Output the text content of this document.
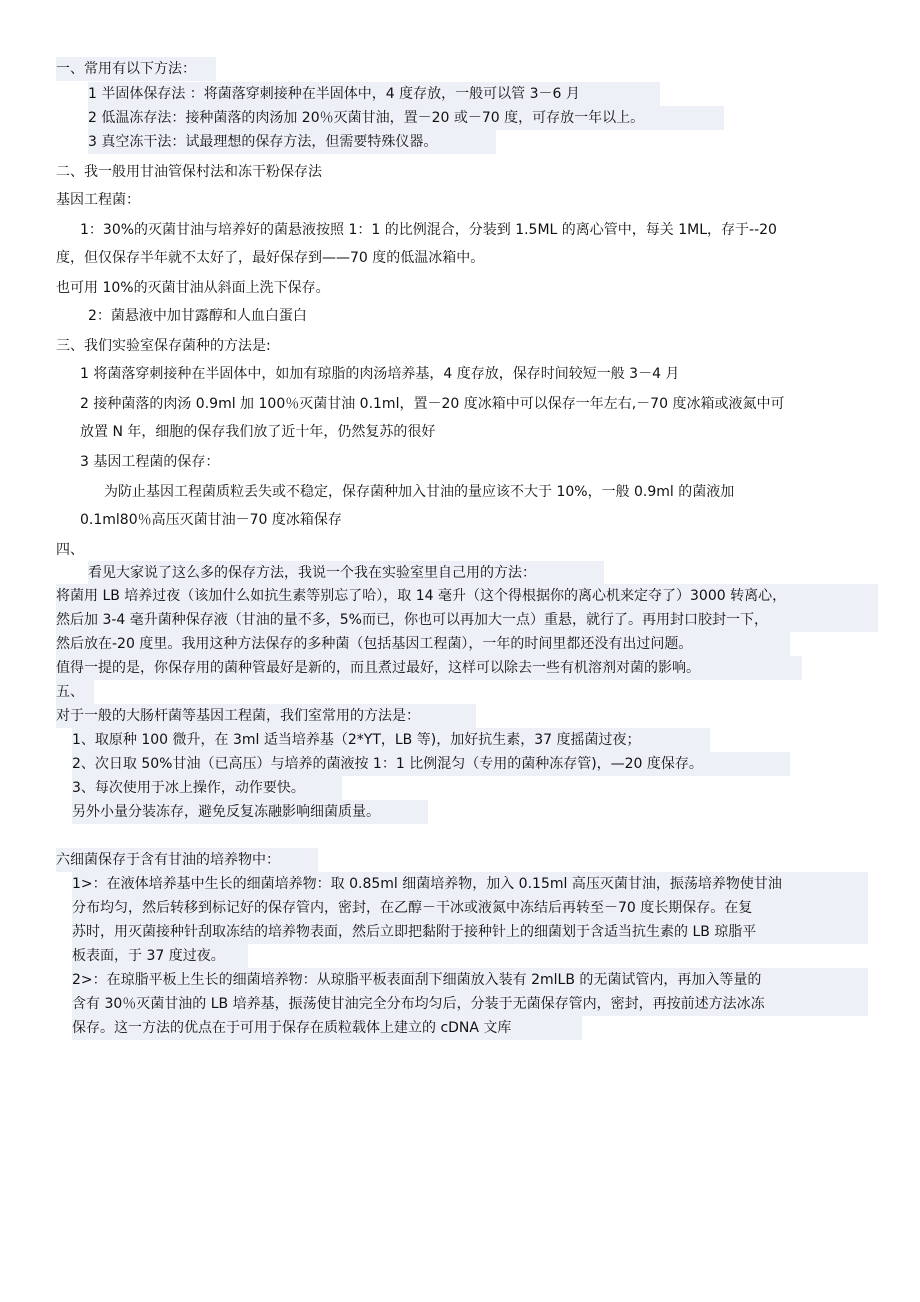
一、常用有以下方法：
1 半固体保存法 ：将菌落穿刺接种在半固体中，4 度存放，一般可以管 3－6 月
2 低温冻存法：接种菌落的肉汤加 20％灭菌甘油，置－20 或－70 度，可存放一年以上。
3 真空冻干法：试最理想的保存方法，但需要特殊仪器。
二、我一般用甘油管保村法和冻干粉保存法
基因工程菌：
1：30%的灭菌甘油与培养好的菌悬液按照 1：1 的比例混合，分装到 1.5ML 的离心管中，每关 1ML，存于--20
度，但仅保存半年就不太好了，最好保存到——70 度的低温冰箱中。
也可用 10%的灭菌甘油从斜面上洗下保存。
2：菌悬液中加甘露醇和人血白蛋白
三、我们实验室保存菌种的方法是:
1 将菌落穿刺接种在半固体中，如加有琼脂的肉汤培养基，4 度存放，保存时间较短一般 3－4 月
2 接种菌落的肉汤 0.9ml 加 100％灭菌甘油 0.1ml，置－20 度冰箱中可以保存一年左右,－70 度冰箱或液氮中可
放置 N 年，细胞的保存我们放了近十年，仍然复苏的很好
3 基因工程菌的保存：
为防止基因工程菌质粒丢失或不稳定，保存菌种加入甘油的量应该不大于 10%，一般 0.9ml 的菌液加
0.1ml80％高压灭菌甘油－70 度冰箱保存
四、
看见大家说了这么多的保存方法，我说一个我在实验室里自己用的方法：
将菌用 LB 培养过夜（该加什么如抗生素等别忘了哈），取 14 毫升（这个得根据你的离心机来定夺了）3000 转离心，
然后加 3-4 毫升菌种保存液（甘油的量不多，5%而已，你也可以再加大一点）重悬，就行了。再用封口胶封一下，
然后放在-20 度里。我用这种方法保存的多种菌（包括基因工程菌），一年的时间里都还没有出过问题。
值得一提的是，你保存用的菌种管最好是新的，而且煮过最好，这样可以除去一些有机溶剂对菌的影响。
五、
对于一般的大肠杆菌等基因工程菌，我们室常用的方法是：
1、取原种 100 微升，在 3ml 适当培养基（2*YT，LB 等)，加好抗生素，37 度摇菌过夜；
2、次日取 50%甘油（已高压）与培养的菌液按 1：1 比例混匀（专用的菌种冻存管)，—20 度保存。
3、每次使用于冰上操作，动作要快。
另外小量分装冻存，避免反复冻融影响细菌质量。
六细菌保存于含有甘油的培养物中：
1>：在液体培养基中生长的细菌培养物：取 0.85ml 细菌培养物，加入 0.15ml 高压灭菌甘油，振荡培养物使甘油
分布均匀，然后转移到标记好的保存管内，密封，在乙醇－干冰或液氮中冻结后再转至－70 度长期保存。在复
苏时，用灭菌接种针刮取冻结的培养物表面，然后立即把黏附于接种针上的细菌划于含适当抗生素的 LB 琼脂平
板表面，于 37 度过夜。
2>：在琼脂平板上生长的细菌培养物：从琼脂平板表面刮下细菌放入装有 2mlLB 的无菌试管内，再加入等量的
含有 30％灭菌甘油的 LB 培养基，振荡使甘油完全分布均匀后，分装于无菌保存管内，密封，再按前述方法冰冻
保存。这一方法的优点在于可用于保存在质粒载体上建立的 cDNA 文库
